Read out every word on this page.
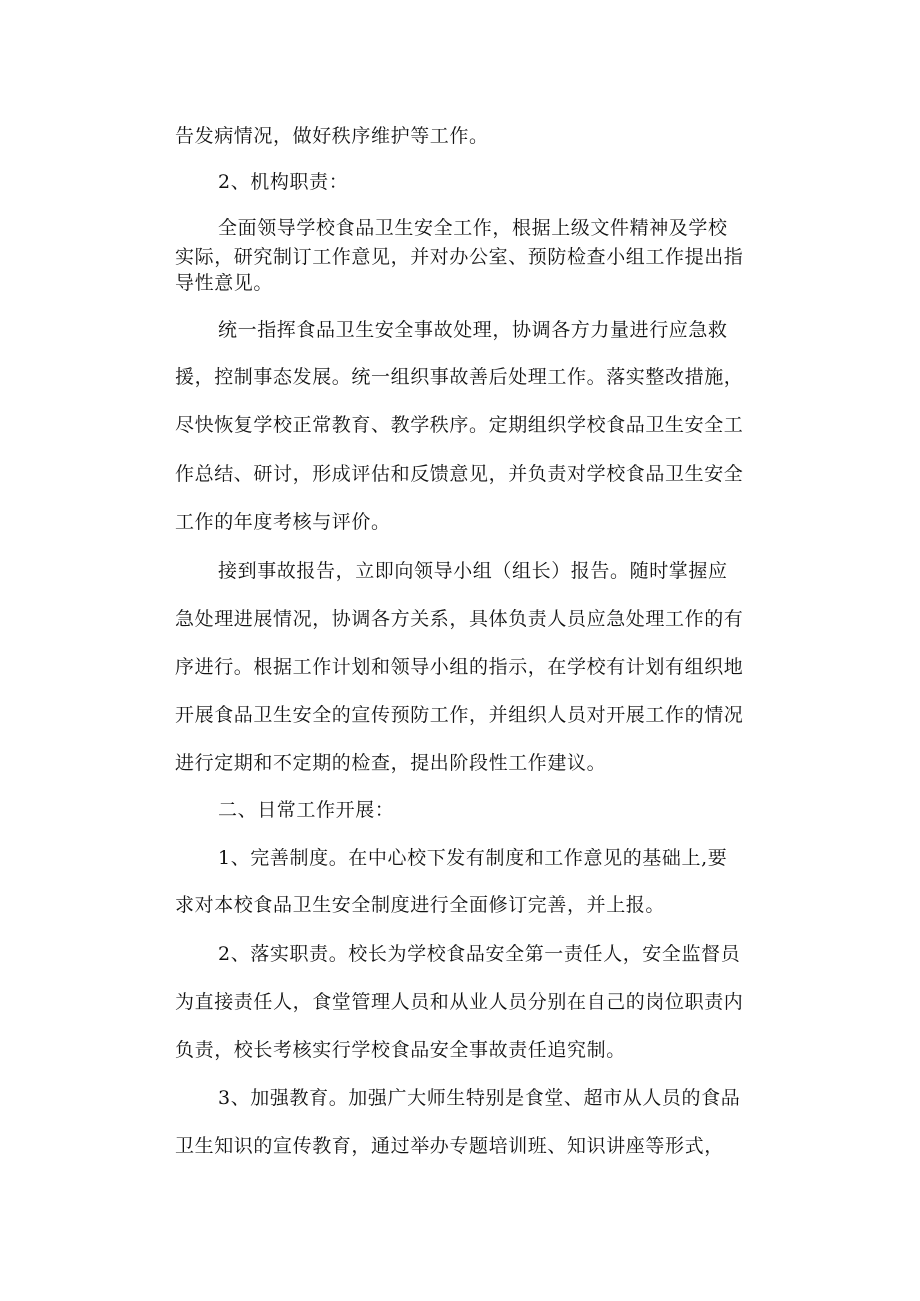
告发病情况，做好秩序维护等工作。
2、机构职责：
全面领导学校食品卫生安全工作，根据上级文件精神及学校
实际，研究制订工作意见，并对办公室、预防检查小组工作提出指
导性意见。
统一指挥食品卫生安全事故处理，协调各方力量进行应急救
援，控制事态发展。统一组织事故善后处理工作。落实整改措施，
尽快恢复学校正常教育、教学秩序。定期组织学校食品卫生安全工
作总结、研讨，形成评估和反馈意见，并负责对学校食品卫生安全
工作的年度考核与评价。
接到事故报告，立即向领导小组（组长）报告。随时掌握应
急处理进展情况，协调各方关系，具体负责人员应急处理工作的有
序进行。根据工作计划和领导小组的指示，在学校有计划有组织地
开展食品卫生安全的宣传预防工作，并组织人员对开展工作的情况
进行定期和不定期的检查，提出阶段性工作建议。
二、日常工作开展：
1、完善制度。在中心校下发有制度和工作意见的基础上,要
求对本校食品卫生安全制度进行全面修订完善，并上报。
2、落实职责。校长为学校食品安全第一责任人，安全监督员
为直接责任人，食堂管理人员和从业人员分别在自己的岗位职责内
负责，校长考核实行学校食品安全事故责任追究制。
3、加强教育。加强广大师生特别是食堂、超市从人员的食品
卫生知识的宣传教育，通过举办专题培训班、知识讲座等形式，
